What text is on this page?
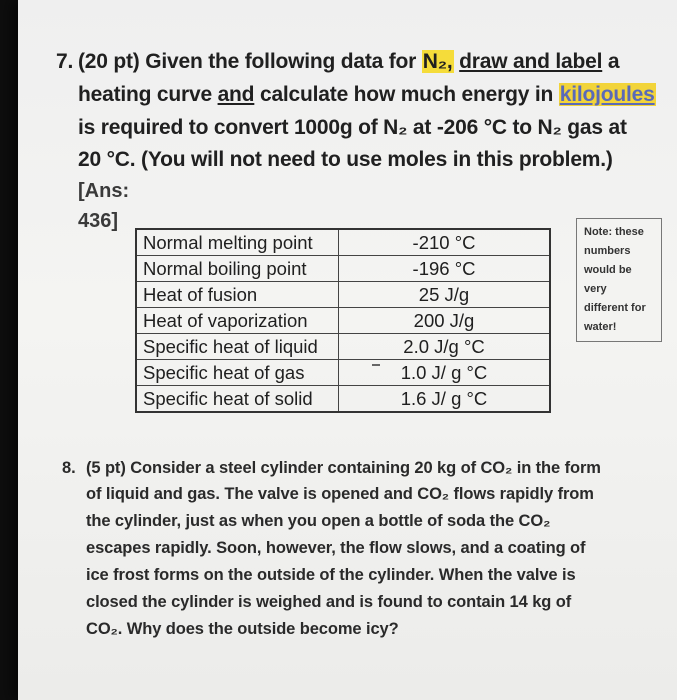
7. (20 pt) Given the following data for N₂, draw and label a
heating curve and calculate how much energy in kilojoules
is required to convert 1000g of N₂ at -206 °C to N₂ gas at
20 °C. (You will not need to use moles in this problem.)
[Ans:
436]
Normal melting point	-210 °C
Normal boiling point	-196 °C
Heat of fusion	25 J/g
Heat of vaporization	200 J/g
Specific heat of liquid	2.0 J/g °C
Specific heat of gas	1.0 J/ g °C
Specific heat of solid	1.6 J/ g °C
Note: these
numbers
would be
very
different for
water!
8. (5 pt) Consider a steel cylinder containing 20 kg of CO₂ in the form
of liquid and gas. The valve is opened and CO₂ flows rapidly from
the cylinder, just as when you open a bottle of soda the CO₂
escapes rapidly. Soon, however, the flow slows, and a coating of
ice frost forms on the outside of the cylinder. When the valve is
closed the cylinder is weighed and is found to contain 14 kg of
CO₂. Why does the outside become icy?
